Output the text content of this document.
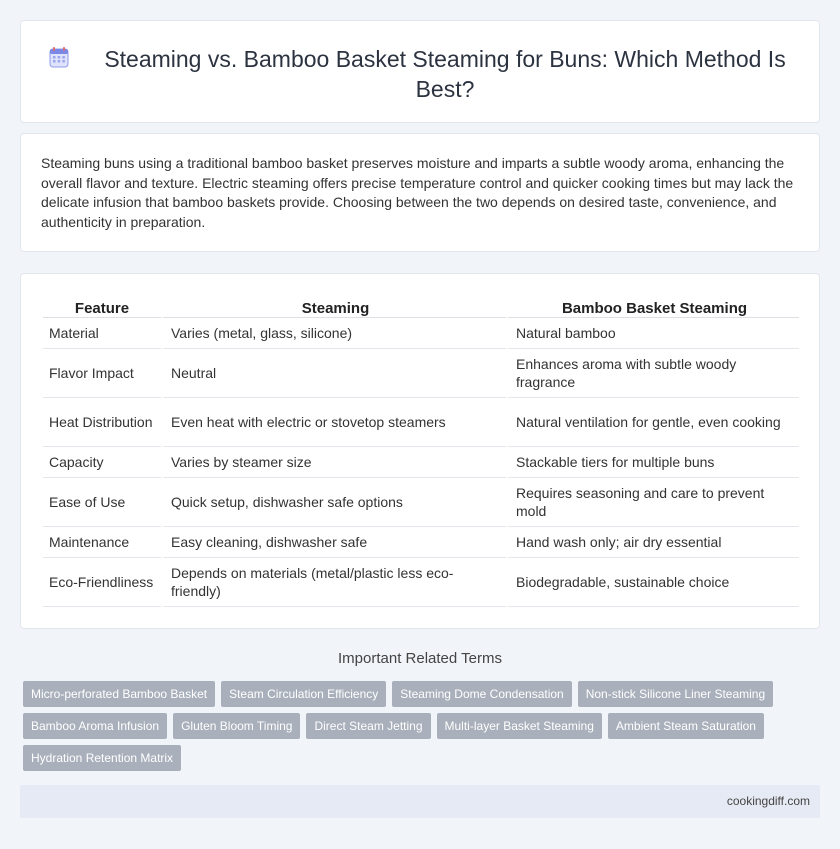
Steaming vs. Bamboo Basket Steaming for Buns: Which Method Is Best?

Steaming buns using a traditional bamboo basket preserves moisture and imparts a subtle woody aroma, enhancing the overall flavor and texture. Electric steaming offers precise temperature control and quicker cooking times but may lack the delicate infusion that bamboo baskets provide. Choosing between the two depends on desired taste, convenience, and authenticity in preparation.

Feature	Steaming	Bamboo Basket Steaming
Material	Varies (metal, glass, silicone)	Natural bamboo
Flavor Impact	Neutral	Enhances aroma with subtle woody fragrance
Heat Distribution	Even heat with electric or stovetop steamers	Natural ventilation for gentle, even cooking
Capacity	Varies by steamer size	Stackable tiers for multiple buns
Ease of Use	Quick setup, dishwasher safe options	Requires seasoning and care to prevent mold
Maintenance	Easy cleaning, dishwasher safe	Hand wash only; air dry essential
Eco-Friendliness	Depends on materials (metal/plastic less eco-friendly)	Biodegradable, sustainable choice
Important Related Terms
Micro-perforated Bamboo Basket	Steam Circulation Efficiency	Steaming Dome Condensation	Non-stick Silicone Liner Steaming
Bamboo Aroma Infusion	Gluten Bloom Timing	Direct Steam Jetting	Multi-layer Basket Steaming	Ambient Steam Saturation
Hydration Retention Matrix
cookingdiff.com
